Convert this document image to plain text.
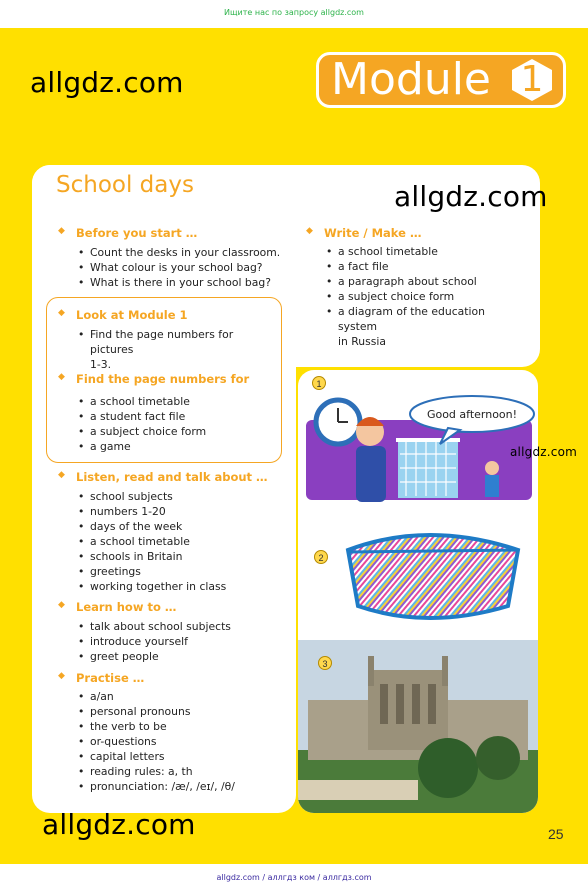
Ищите нас по запросу allgdz.com
allgdz.com / аллгдз ком / аллгдз.com
allgdz.com	Module 1
School days	allgdz.com
◆ Before you start …
• Count the desks in your classroom.
• What colour is your school bag?
• What is there in your school bag?
◆ Look at Module 1
• Find the page numbers for pictures
1-3.
◆ Find the page numbers for
• a school timetable
• a student fact file
• a subject choice form
• a game
◆ Listen, read and talk about …
• school subjects
• numbers 1-20
• days of the week
• a school timetable
• schools in Britain
• greetings
• working together in class
◆ Learn how to …
• talk about school subjects
• introduce yourself
• greet people
◆ Practise …
• a/an
• personal pronouns
• the verb to be
• or-questions
• capital letters
• reading rules: a, th
• pronunciation: /æ/, /eɪ/, /θ/
◆ Write / Make …
• a school timetable
• a fact file
• a paragraph about school
• a subject choice form
• a diagram of the education system
in Russia
Good afternoon!
1
2
3
allgdz.com
allgdz.com	25
